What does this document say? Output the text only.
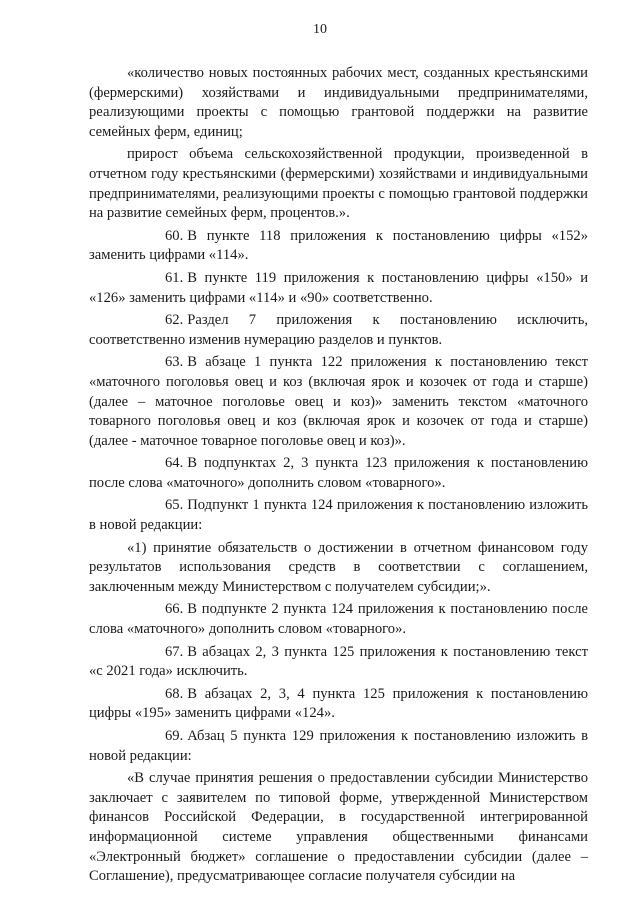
10

«количество новых постоянных рабочих мест, созданных крестьянскими (фермерскими) хозяйствами и индивидуальными предпринимателями, реализующими проекты с помощью грантовой поддержки на развитие семейных ферм, единиц;

прирост объема сельскохозяйственной продукции, произведенной в отчетном году крестьянскими (фермерскими) хозяйствами и индивидуальными предпринимателями, реализующими проекты с помощью грантовой поддержки на развитие семейных ферм, процентов.».

60. В пункте 118 приложения к постановлению цифры «152» заменить цифрами «114».

61. В пункте 119 приложения к постановлению цифры «150» и «126» заменить цифрами «114» и «90» соответственно.

62. Раздел 7 приложения к постановлению исключить, соответственно изменив нумерацию разделов и пунктов.

63. В абзаце 1 пункта 122 приложения к постановлению текст «маточного поголовья овец и коз (включая ярок и козочек от года и старше) (далее – маточное поголовье овец и коз)» заменить текстом «маточного товарного поголовья овец и коз (включая ярок и козочек от года и старше) (далее - маточное товарное поголовье овец и коз)».

64. В подпунктах 2, 3 пункта 123 приложения к постановлению после слова «маточного» дополнить словом «товарного».

65. Подпункт 1 пункта 124 приложения к постановлению изложить в новой редакции:

«1) принятие обязательств о достижении в отчетном финансовом году результатов использования средств в соответствии с соглашением, заключенным между Министерством с получателем субсидии;».

66. В подпункте 2 пункта 124 приложения к постановлению после слова «маточного» дополнить словом «товарного».

67. В абзацах 2, 3 пункта 125 приложения к постановлению текст «с 2021 года» исключить.

68. В абзацах 2, 3, 4 пункта 125 приложения к постановлению цифры «195» заменить цифрами «124».

69. Абзац 5 пункта 129 приложения к постановлению изложить в новой редакции:

«В случае принятия решения о предоставлении субсидии Министерство заключает с заявителем по типовой форме, утвержденной Министерством финансов Российской Федерации, в государственной интегрированной информационной системе управления общественными финансами «Электронный бюджет» соглашение о предоставлении субсидии (далее – Соглашение), предусматривающее согласие получателя субсидии на
